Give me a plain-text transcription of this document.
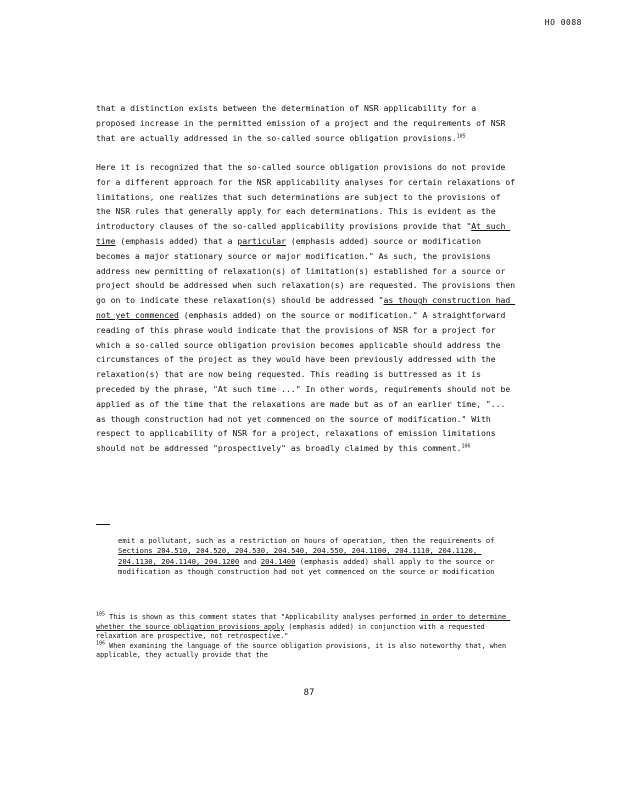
HO 0088

that a distinction exists between the determination of NSR applicability for a proposed increase in the permitted emission of a project and the requirements of NSR that are actually addressed in the so-called source obligation provisions.$^{105}$

Here it is recognized that the so-called source obligation provisions do not provide for a different approach for the NSR applicability analyses for certain relaxations of limitations, one realizes that such determinations are subject to the provisions of the NSR rules that generally apply for each determinations. This is evident as the introductory clauses of the so-called applicability provisions provide that "At such time (emphasis added) that a particular (emphasis added) source or modification becomes a major stationary source or major modification." As such, the provisions address new permitting of relaxation(s) of limitation(s) established for a source or project should be addressed when such relaxation(s) are requested. The provisions then go on to indicate these relaxation(s) should be addressed "as though construction had not yet commenced (emphasis added) on the source or modification." A straightforward reading of this phrase would indicate that the provisions of NSR for a project for which a so-called source obligation provision becomes applicable should address the circumstances of the project as they would have been previously addressed with the relaxation(s) that are now being requested. This reading is buttressed as it is preceded by the phrase, "At such time ..." In other words, requirements should not be applied as of the time that the relaxations are made but as of an earlier time, "... as though construction had not yet commenced on the source of modification." With respect to applicability of NSR for a project, relaxations of emission limitations should not be addressed "prospectively" as broadly claimed by this comment.$^{106}$

emit a pollutant, such as a restriction on hours of operation, then the requirements of Sections 204.510, 204.520, 204.530, 204.540, 204.550, 204.1100, 204.1110, 204.1120, 204.1130, 204.1140, 204.1200 and 204.1400 (emphasis added) shall apply to the source or modification as though construction had not yet commenced on the source or modification

$^{105}$ This is shown as this comment states that "Applicability analyses performed in order to determine whether the source obligation provisions apply (emphasis added) in conjunction with a requested relaxation are prospective, not retrospective."
$^{106}$ When examining the language of the source obligation provisions, it is also noteworthy that, when applicable, they actually provide that the
87
